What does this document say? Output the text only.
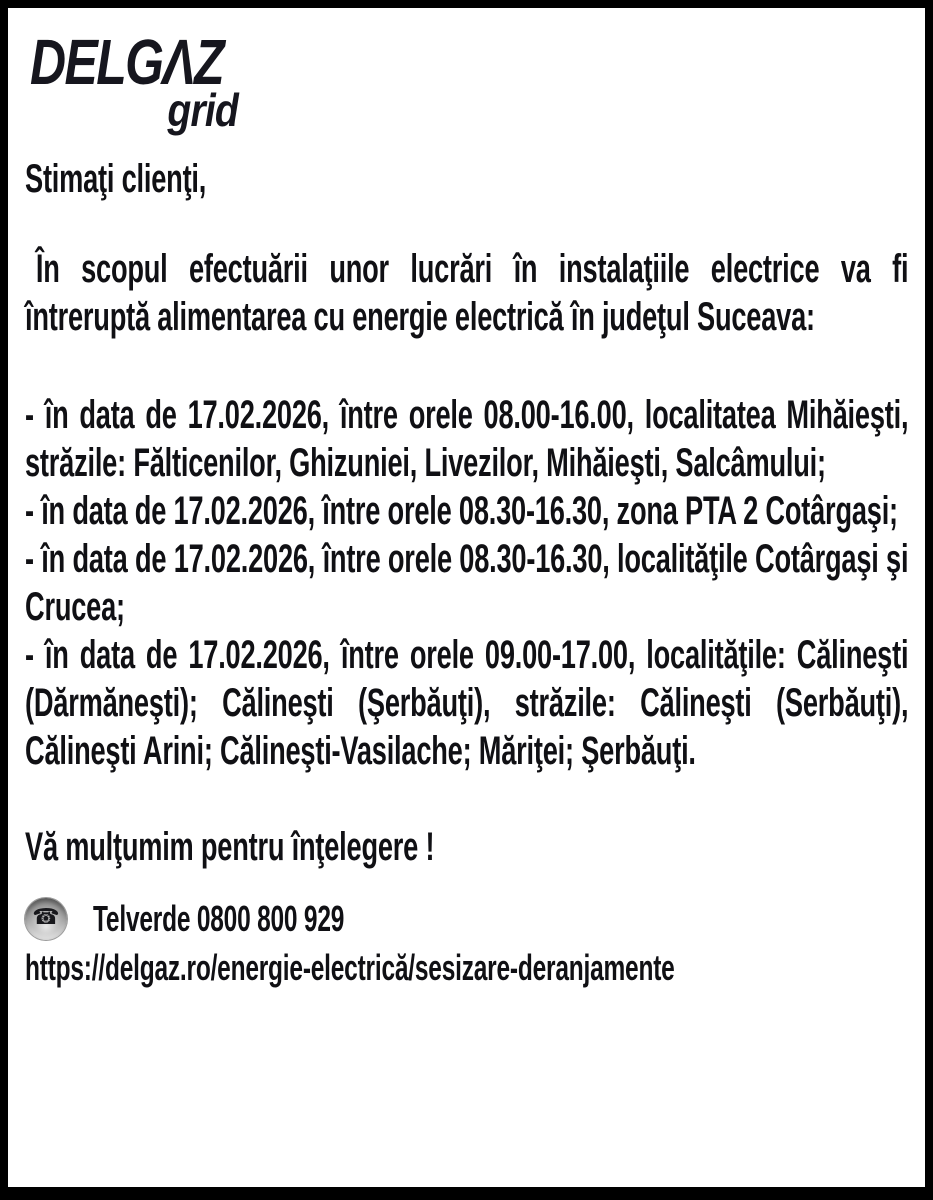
DELGΛZ
grid

Stimaţi clienţi,

În scopul efectuării unor lucrări în instalaţiile electrice va fi întreruptă alimentarea cu energie electrică în judeţul Suceava:

- în data de 17.02.2026, între orele 08.00-16.00, localitatea Mihăieşti, străzile: Fălticenilor, Ghizuniei, Livezilor, Mihăieşti, Salcâmului;

- în data de 17.02.2026, între orele 08.30-16.30, zona PTA 2 Cotârgaşi;

- în data de 17.02.2026, între orele 08.30-16.30, localităţile Cotârgaşi şi Crucea;

- în data de 17.02.2026, între orele 09.00-17.00, localităţile: Călineşti (Dărmăneşti); Călineşti (Şerbăuţi), străzile: Călineşti (Serbăuţi), Călineşti Arini; Călineşti-Vasilache; Măriţei; Şerbăuţi.

Vă mulţumim pentru înţelegere !

☎ Telverde 0800 800 929

https://delgaz.ro/energie-electrică/sesizare-deranjamente
